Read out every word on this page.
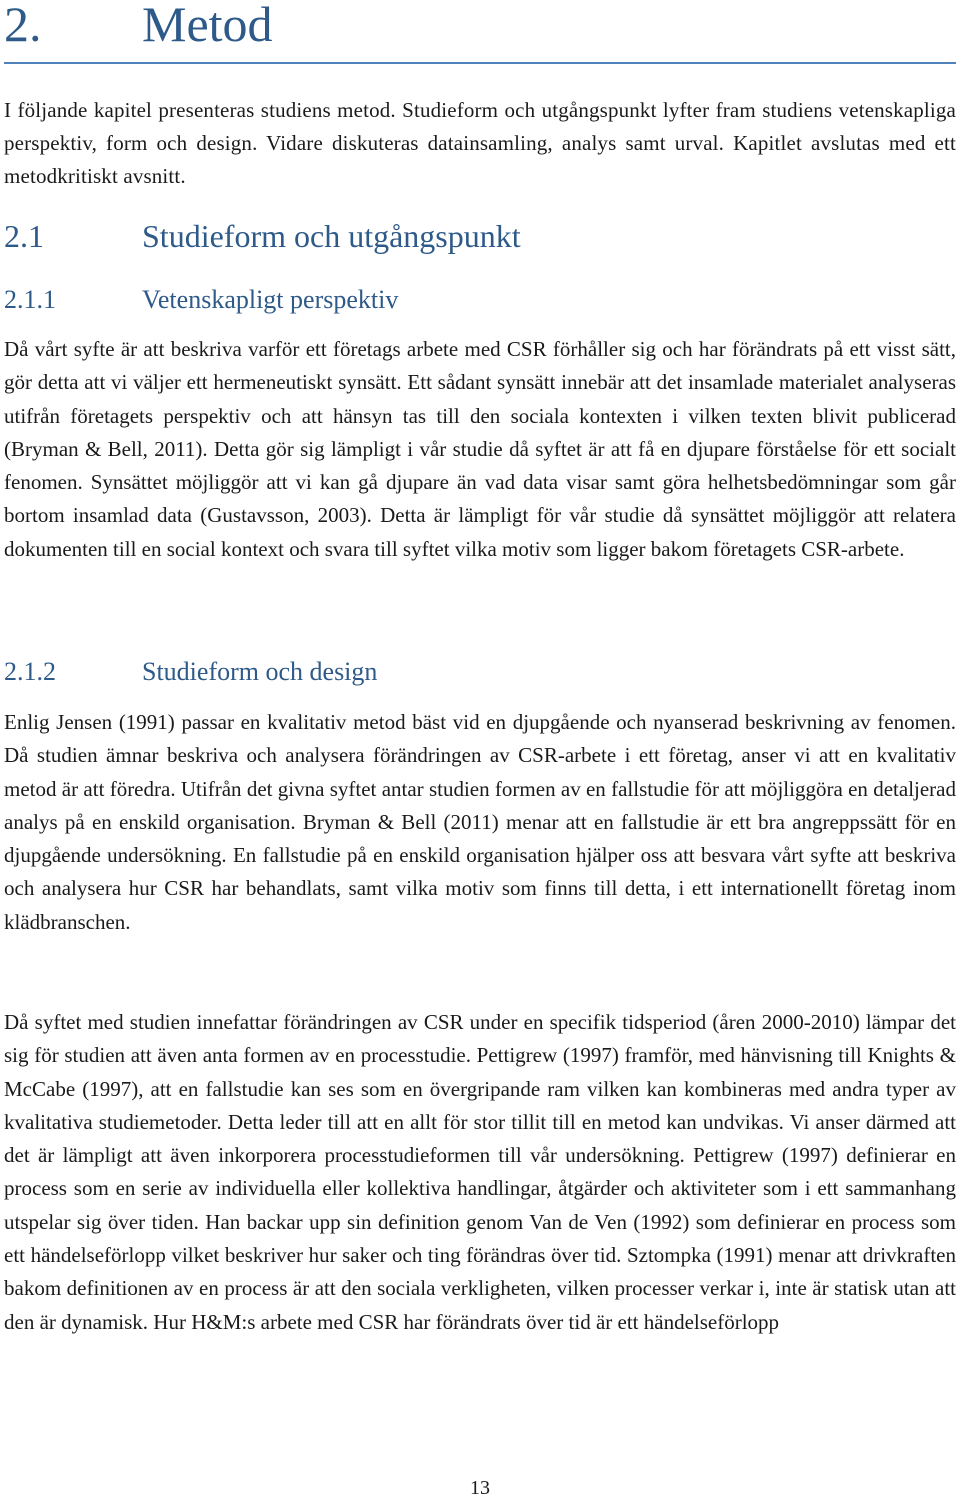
2. Metod

I följande kapitel presenteras studiens metod. Studieform och utgångspunkt lyfter fram studiens vetenskapliga perspektiv, form och design. Vidare diskuteras datainsamling, analys samt urval. Kapitlet avslutas med ett metodkritiskt avsnitt.

2.1	Studieform och utgångspunkt
2.1.1	Vetenskapligt perspektiv

Då vårt syfte är att beskriva varför ett företags arbete med CSR förhåller sig och har förändrats på ett visst sätt, gör detta att vi väljer ett hermeneutiskt synsätt. Ett sådant synsätt innebär att det insamlade materialet analyseras utifrån företagets perspektiv och att hänsyn tas till den sociala kontexten i vilken texten blivit publicerad (Bryman & Bell, 2011). Detta gör sig lämpligt i vår studie då syftet är att få en djupare förståelse för ett socialt fenomen. Synsättet möjliggör att vi kan gå djupare än vad data visar samt göra helhetsbedömningar som går bortom insamlad data (Gustavsson, 2003). Detta är lämpligt för vår studie då synsättet möjliggör att relatera dokumenten till en social kontext och svara till syftet vilka motiv som ligger bakom företagets CSR-arbete.

2.1.2	Studieform och design

Enlig Jensen (1991) passar en kvalitativ metod bäst vid en djupgående och nyanserad beskrivning av fenomen. Då studien ämnar beskriva och analysera förändringen av CSR-arbete i ett företag, anser vi att en kvalitativ metod är att föredra. Utifrån det givna syftet antar studien formen av en fallstudie för att möjliggöra en detaljerad analys på en enskild organisation. Bryman & Bell (2011) menar att en fallstudie är ett bra angreppssätt för en djupgående undersökning. En fallstudie på en enskild organisation hjälper oss att besvara vårt syfte att beskriva och analysera hur CSR har behandlats, samt vilka motiv som finns till detta, i ett internationellt företag inom klädbranschen.

Då syftet med studien innefattar förändringen av CSR under en specifik tidsperiod (åren 2000-2010) lämpar det sig för studien att även anta formen av en processtudie. Pettigrew (1997) framför, med hänvisning till Knights & McCabe (1997), att en fallstudie kan ses som en övergripande ram vilken kan kombineras med andra typer av kvalitativa studiemetoder. Detta leder till att en allt för stor tillit till en metod kan undvikas. Vi anser därmed att det är lämpligt att även inkorporera processtudieformen till vår undersökning. Pettigrew (1997) definierar en process som en serie av individuella eller kollektiva handlingar, åtgärder och aktiviteter som i ett sammanhang utspelar sig över tiden. Han backar upp sin definition genom Van de Ven (1992) som definierar en process som ett händelseförlopp vilket beskriver hur saker och ting förändras över tid. Sztompka (1991) menar att drivkraften bakom definitionen av en process är att den sociala verkligheten, vilken processer verkar i, inte är statisk utan att den är dynamisk. Hur H&M:s arbete med CSR har förändrats över tid är ett händelseförlopp

13
